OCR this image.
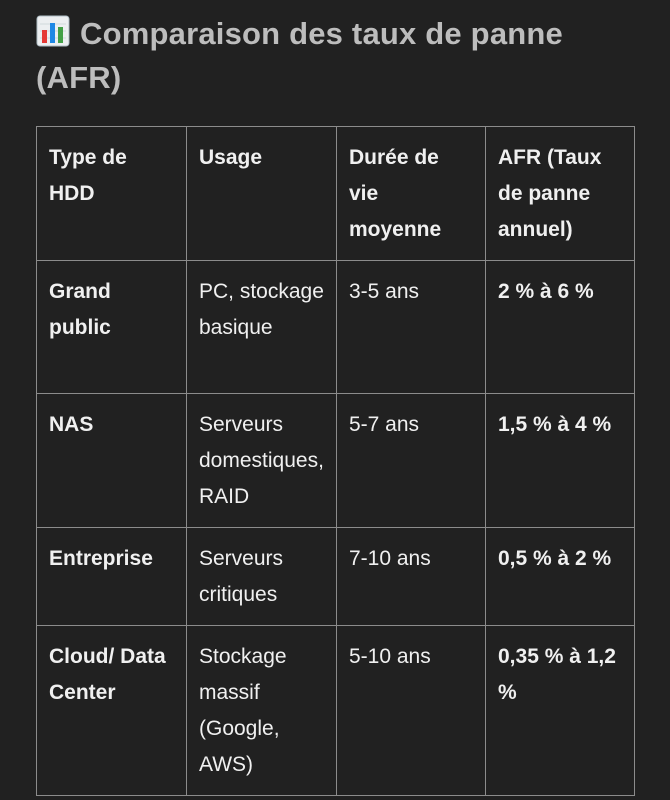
Comparaison des taux de panne (AFR)
Type de HDD	Usage	Durée de vie moyenne	AFR (Taux de panne annuel)
Grand public	PC, stockage basique	3-5 ans	2 % à 6 %
NAS	Serveurs domestiques, RAID	5-7 ans	1,5 % à 4 %
Entreprise	Serveurs critiques	7-10 ans	0,5 % à 2 %
Cloud/ Data Center	Stockage massif (Google, AWS)	5-10 ans	0,35 % à 1,2 %
